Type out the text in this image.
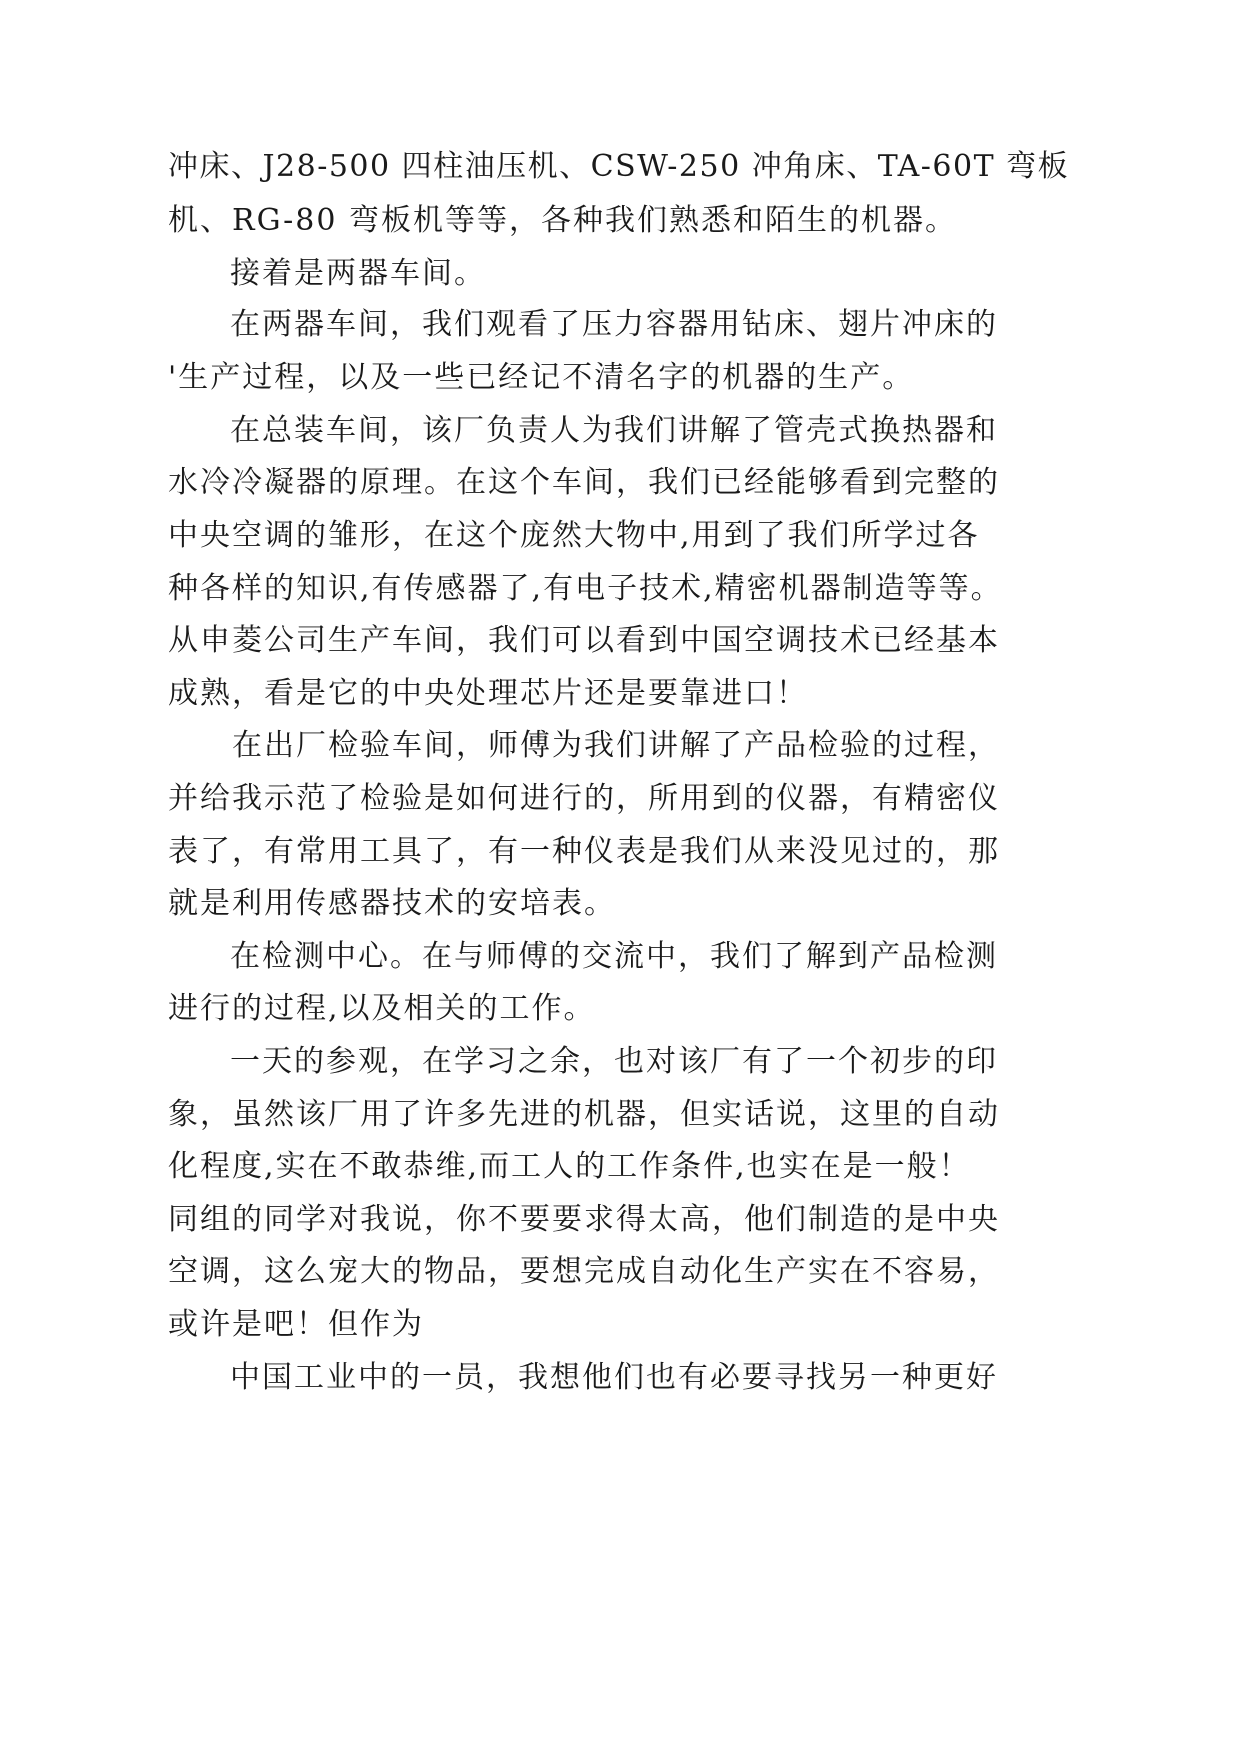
冲床、J28-500 四柱油压机、CSW-250 冲角床、TA-60T 弯板
机、RG-80 弯板机等等，各种我们熟悉和陌生的机器。
接着是两器车间。
在两器车间，我们观看了压力容器用钻床、翅片冲床的
'生产过程，以及一些已经记不清名字的机器的生产。
在总装车间，该厂负责人为我们讲解了管壳式换热器和
水冷冷凝器的原理。在这个车间，我们已经能够看到完整的
中央空调的雏形，在这个庞然大物中,用到了我们所学过各
种各样的知识,有传感器了,有电子技术,精密机器制造等等。
从申菱公司生产车间，我们可以看到中国空调技术已经基本
成熟，看是它的中央处理芯片还是要靠进口！
在出厂检验车间，师傅为我们讲解了产品检验的过程，
并给我示范了检验是如何进行的，所用到的仪器，有精密仪
表了，有常用工具了，有一种仪表是我们从来没见过的，那
就是利用传感器技术的安培表。
在检测中心。在与师傅的交流中，我们了解到产品检测
进行的过程,以及相关的工作。
一天的参观，在学习之余，也对该厂有了一个初步的印
象，虽然该厂用了许多先进的机器，但实话说，这里的自动
化程度,实在不敢恭维,而工人的工作条件,也实在是一般！
同组的同学对我说，你不要要求得太高，他们制造的是中央
空调，这么宠大的物品，要想完成自动化生产实在不容易，
或许是吧！但作为
中国工业中的一员，我想他们也有必要寻找另一种更好
